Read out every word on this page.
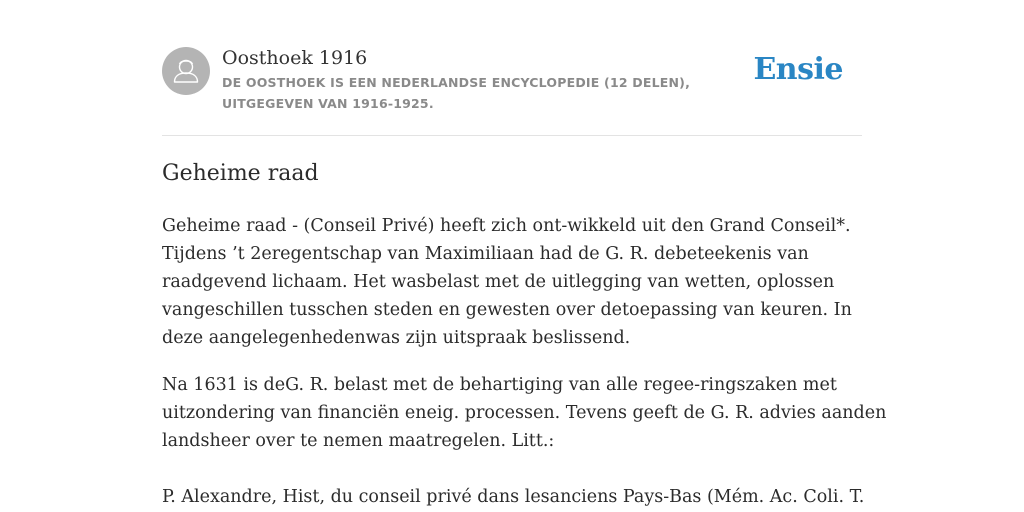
Oosthoek 1916
DE OOSTHOEK IS EEN NEDERLANDSE ENCYCLOPEDIE (12 DELEN), UITGEGEVEN VAN 1916-1925.
Ensie
Geheime raad

Geheime raad - (Conseil Privé) heeft zich ont-wikkeld uit den Grand Conseil*.
Tijdens ’t 2eregentschap van Maximiliaan had de G. R. debeteekenis van
raadgevend lichaam. Het wasbelast met de uitlegging van wetten, oplossen
vangeschillen tusschen steden en gewesten over detoepassing van keuren. In
deze aangelegenhedenwas zijn uitspraak beslissend.

Na 1631 is deG. R. belast met de behartiging van alle regee-ringszaken met
uitzondering van financiën eneig. processen. Tevens geeft de G. R. advies aanden
landsheer over te nemen maatregelen. Litt.:

P. Alexandre, Hist, du conseil privé dans lesanciens Pays-Bas (Mém. Ac. Coli. T.
